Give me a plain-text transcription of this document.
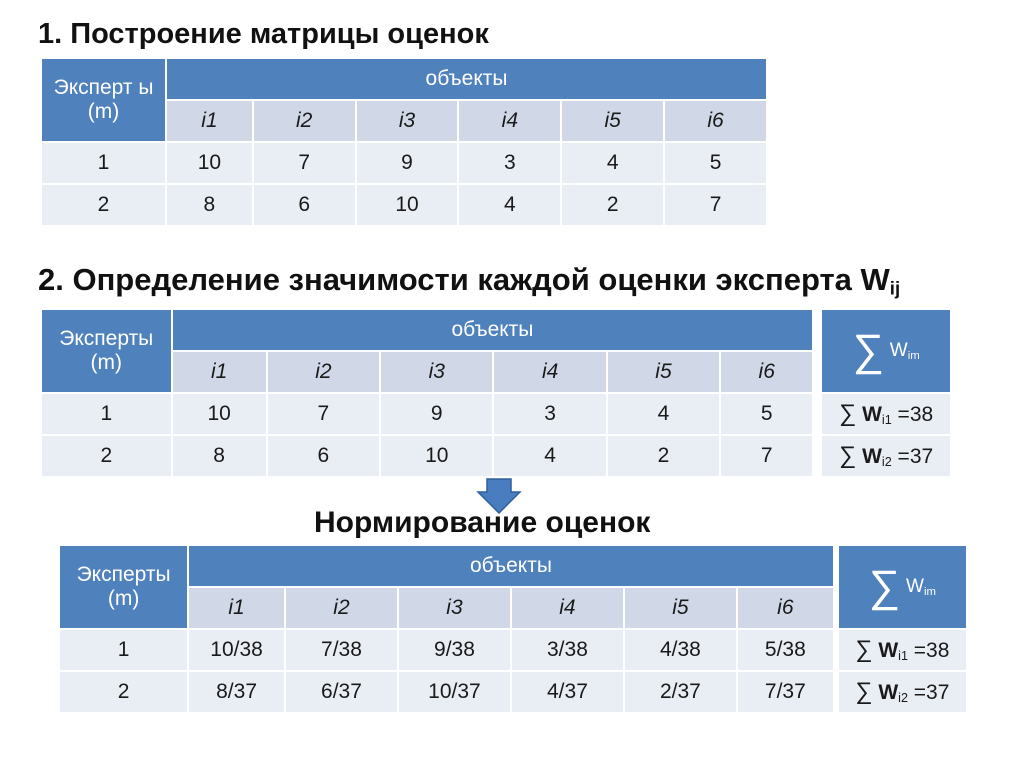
1. Построение матрицы оценок
Эксперт ы (m)	объекты					
	i1	i2	i3	i4	i5	i6
1	10	7	9	3	4	5
2	8	6	10	4	2	7
2. Определение значимости каждой оценки эксперта $W_{ij}$
Эксперты (m)	объекты							∑ $W_{im}$
	i1	i2	i3	i4	i5	i6		
1	10	7	9	3	4	5		∑ $W_{i1} =38$
2	8	6	10	4	2	7		∑ $W_{i2} =37$
Нормирование оценок
Эксперты (m)	объекты							∑ $W_{im}$
	i1	i2	i3	i4	i5	i6		
1	10/38	7/38	9/38	3/38	4/38	5/38		∑ $W_{i1} =38$
2	8/37	6/37	10/37	4/37	2/37	7/37		∑ $W_{i2} =37$
